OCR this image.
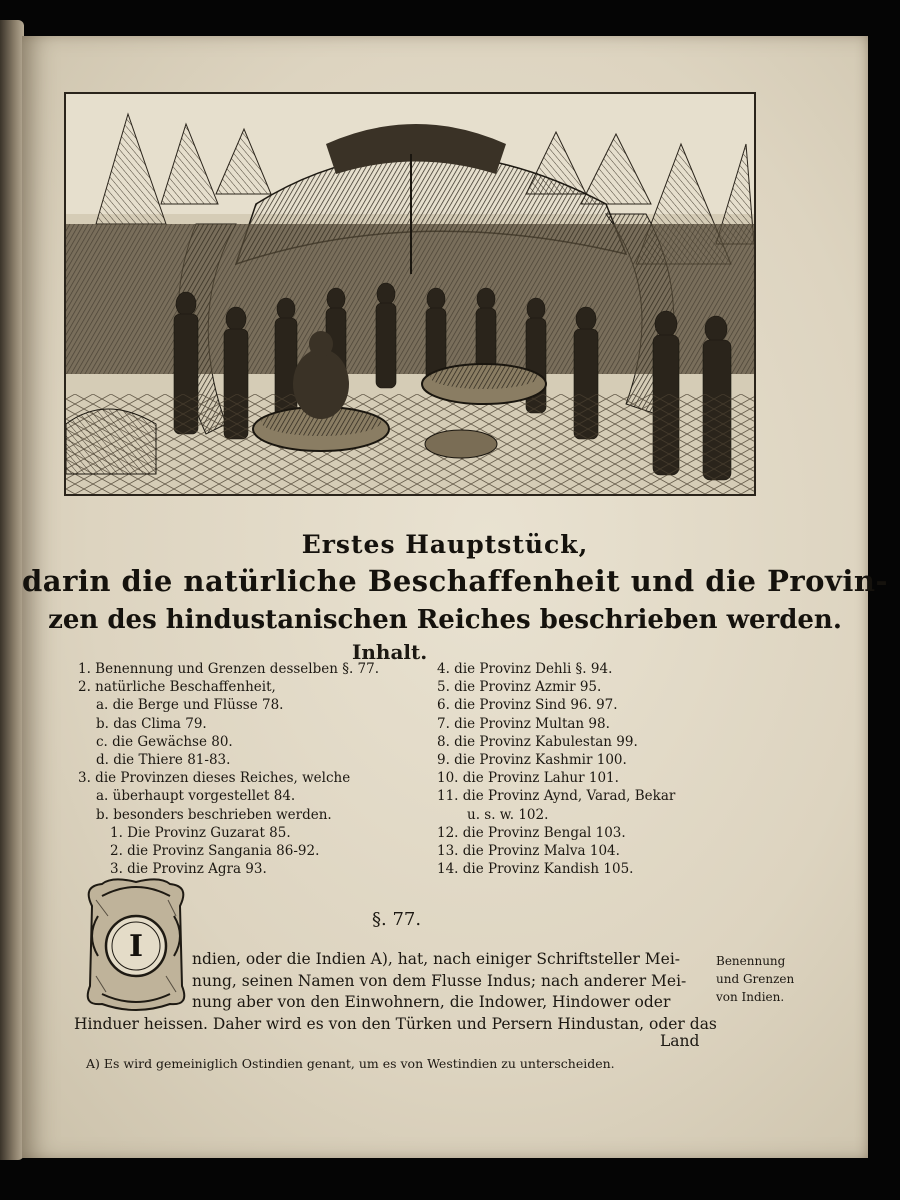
Erstes Hauptstück,
darin die natürliche Beschaffenheit und die Provin-
zen des hindustanischen Reiches beschrieben werden.
Inhalt.
1. Benennung und Grenzen desselben §. 77.
2. natürliche Beschaffenheit,
a. die Berge und Flüsse 78.
b. das Clima 79.
c. die Gewächse 80.
d. die Thiere 81-83.
3. die Provinzen dieses Reiches, welche
a. überhaupt vorgestellet 84.
b. besonders beschrieben werden.
1. Die Provinz Guzarat 85.
2. die Provinz Sangania 86-92.
3. die Provinz Agra 93.
4. die Provinz Dehli §. 94.
5. die Provinz Azmir 95.
6. die Provinz Sind 96. 97.
7. die Provinz Multan 98.
8. die Provinz Kabulestan 99.
9. die Provinz Kashmir 100.
10. die Provinz Lahur 101.
11. die Provinz Aynd, Varad, Bekar
u. s. w. 102.
12. die Provinz Bengal 103.
13. die Provinz Malva 104.
14. die Provinz Kandish 105.
I
§. 77.
ndien, oder die Indien A), hat, nach einiger Schriftsteller Mei-
nung, seinen Namen von dem Flusse Indus; nach anderer Mei-
nung aber von den Einwohnern, die Indower, Hindower oder
Hinduer heissen. Daher wird es von den Türken und Persern Hindustan, oder das
Land
Benennung
und Grenzen
von Indien.
A) Es wird gemeiniglich Ostindien genant, um es von Westindien zu unterscheiden.
